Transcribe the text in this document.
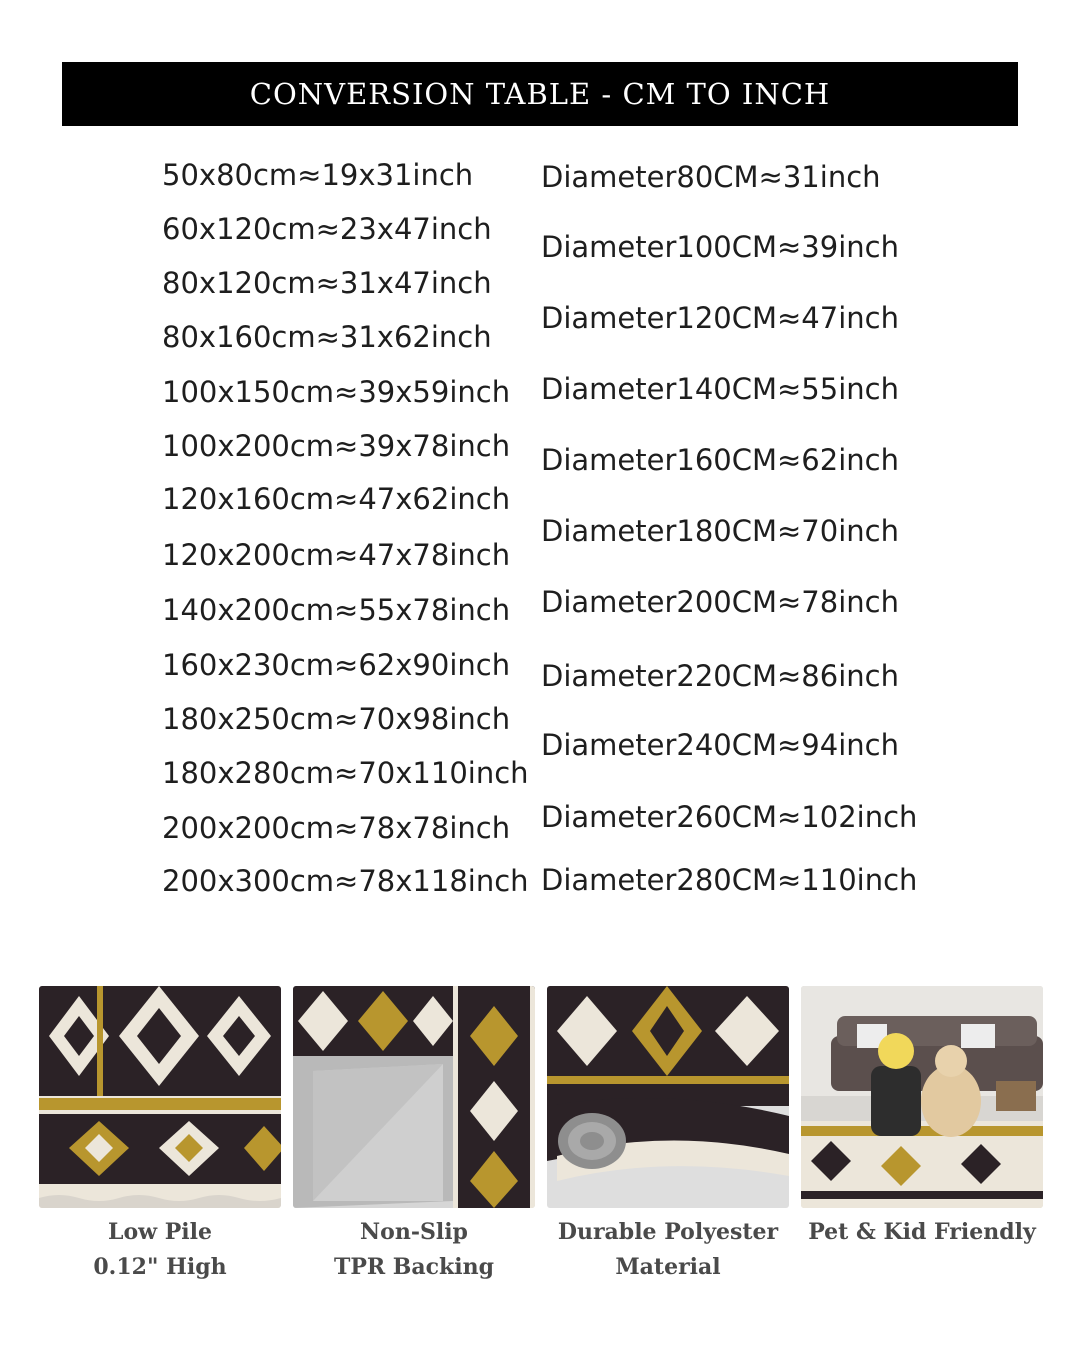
CONVERSION TABLE - CM TO INCH
50x80cm≈19x31inch
60x120cm≈23x47inch
80x120cm≈31x47inch
80x160cm≈31x62inch
100x150cm≈39x59inch
100x200cm≈39x78inch
120x160cm≈47x62inch
120x200cm≈47x78inch
140x200cm≈55x78inch
160x230cm≈62x90inch
180x250cm≈70x98inch
180x280cm≈70x110inch
200x200cm≈78x78inch
200x300cm≈78x118inch
Diameter80CM≈31inch
Diameter100CM≈39inch
Diameter120CM≈47inch
Diameter140CM≈55inch
Diameter160CM≈62inch
Diameter180CM≈70inch
Diameter200CM≈78inch
Diameter220CM≈86inch
Diameter240CM≈94inch
Diameter260CM≈102inch
Diameter280CM≈110inch
Low Pile
0.12" High
Non-Slip
TPR Backing
Durable Polyester
Material
Pet & Kid Friendly
